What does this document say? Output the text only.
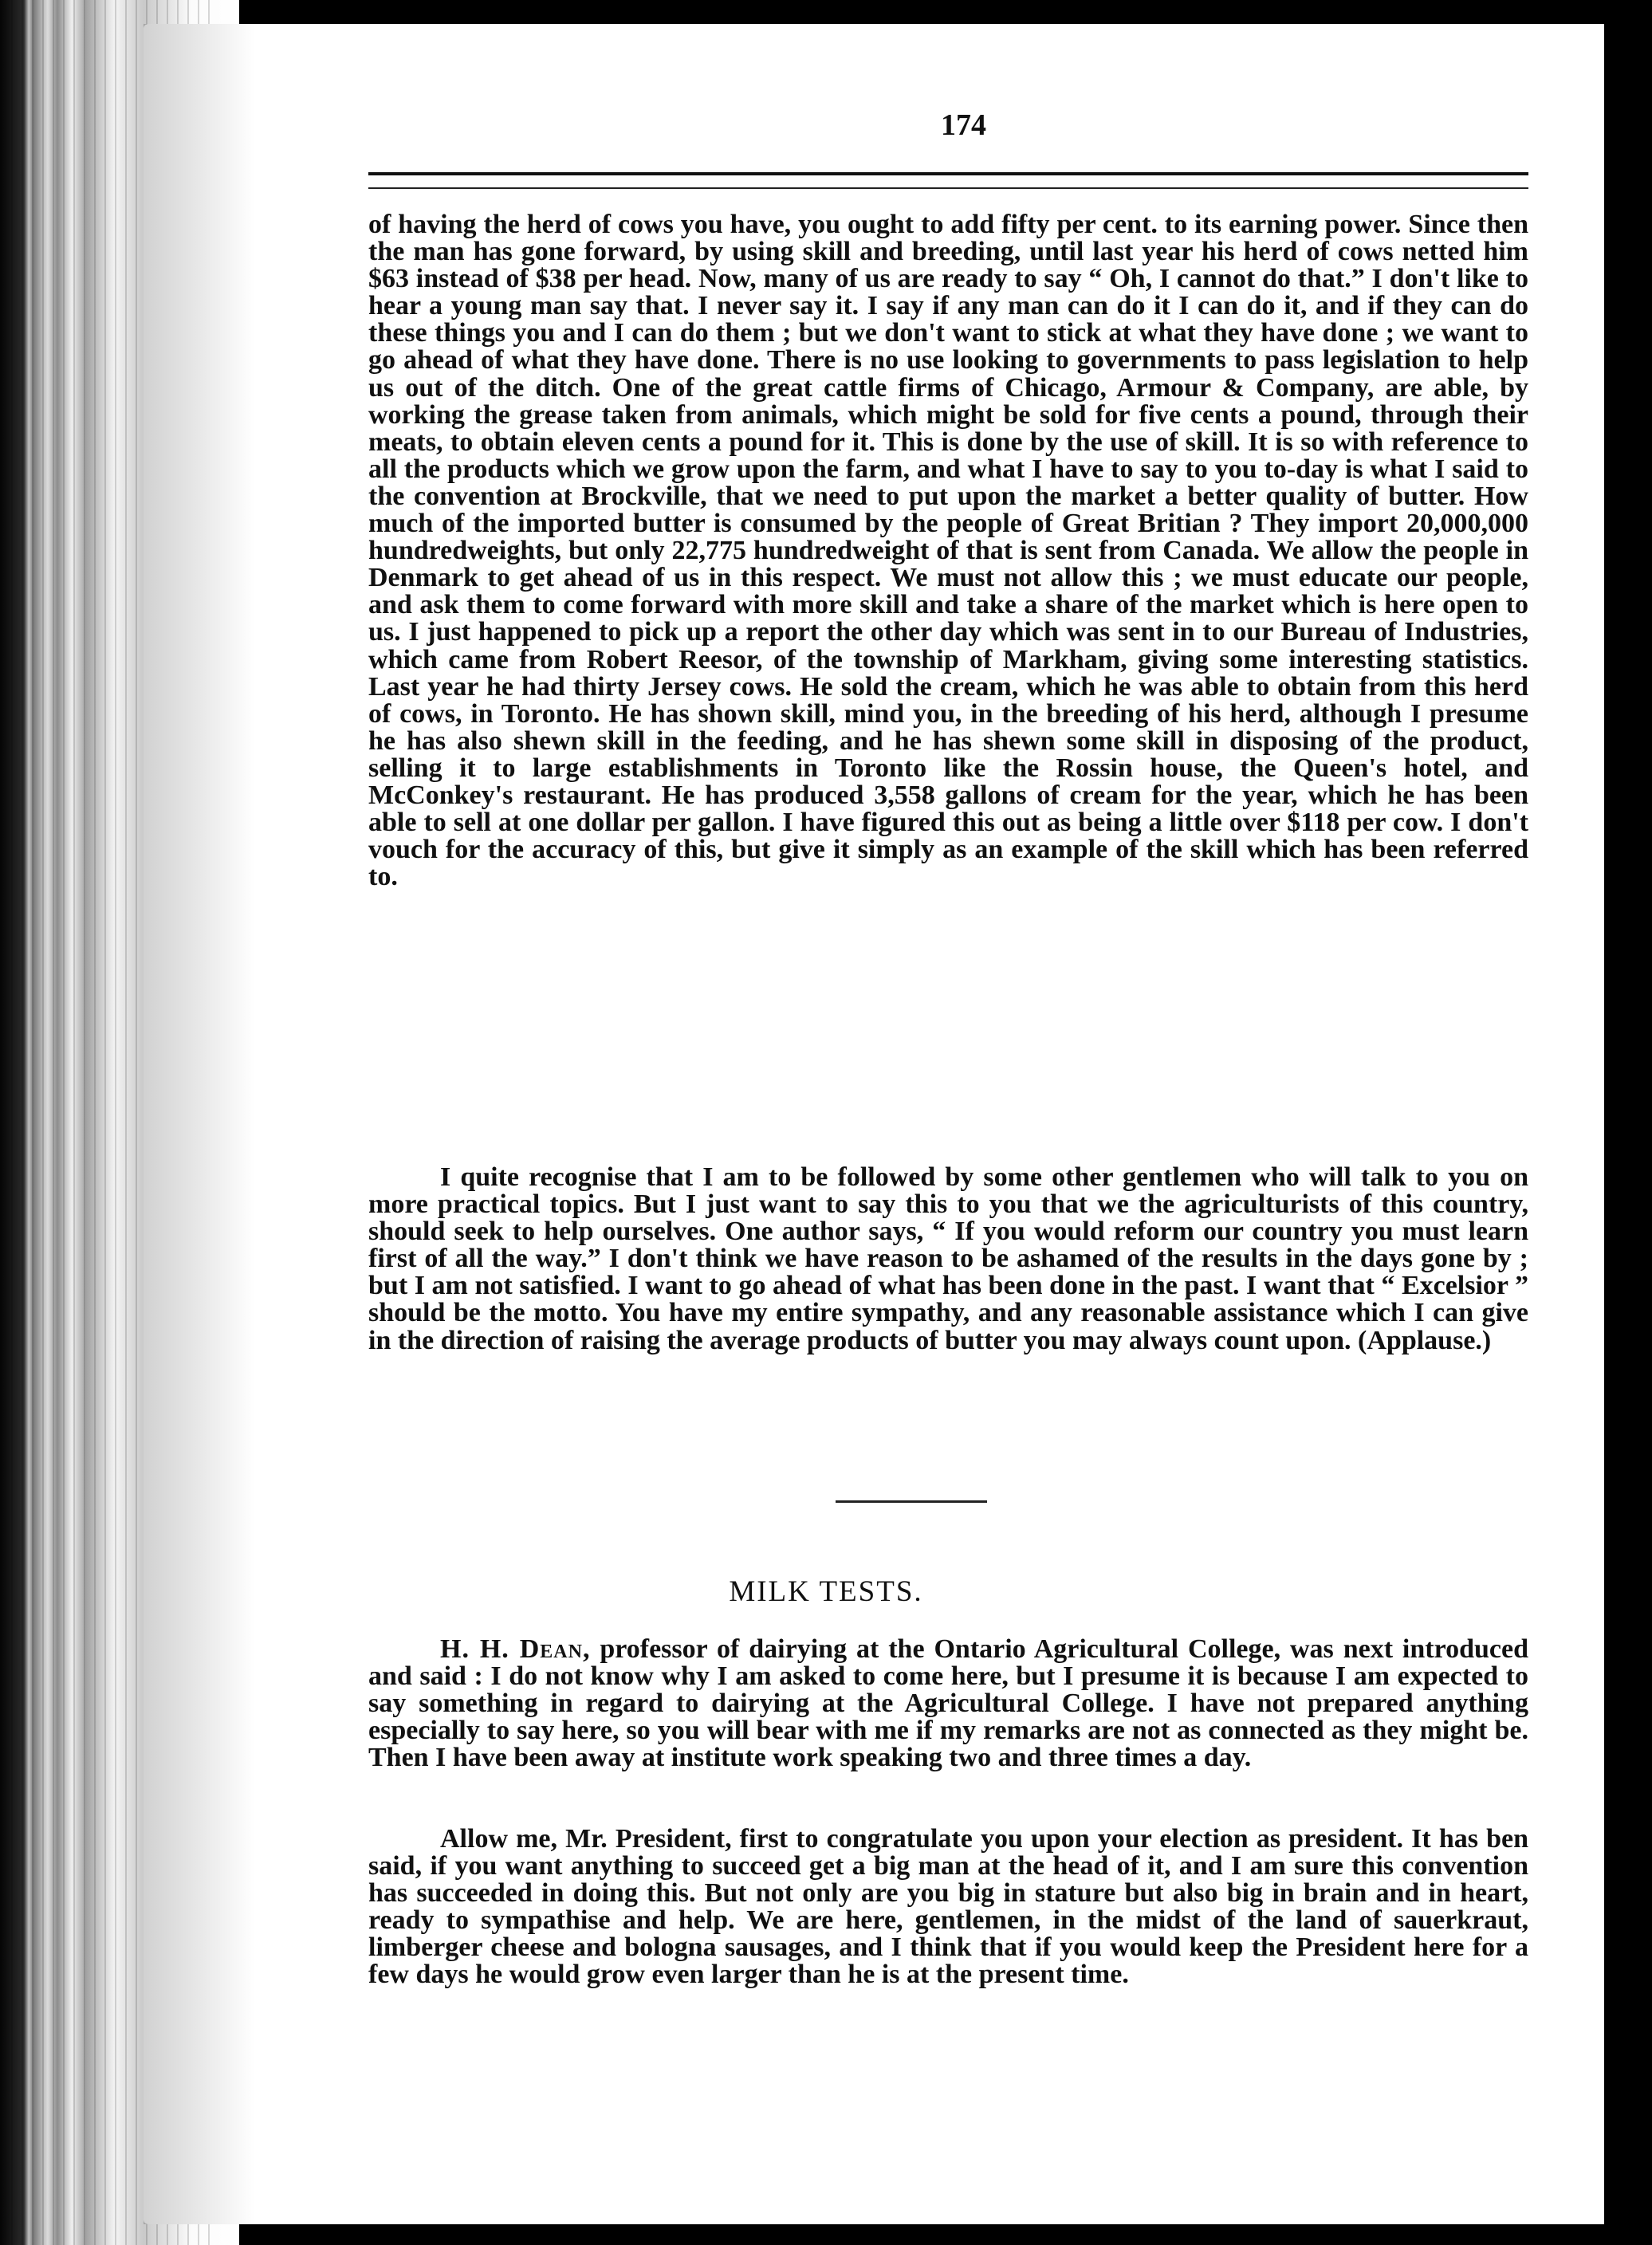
174

of having the herd of cows you have, you ought to add fifty per cent. to its earning power. Since then the man has gone forward, by using skill and breeding, until last year his herd of cows netted him $63 instead of $38 per head. Now, many of us are ready to say “ Oh, I cannot do that.” I don't like to hear a young man say that. I never say it. I say if any man can do it I can do it, and if they can do these things you and I can do them ; but we don't want to stick at what they have done ; we want to go ahead of what they have done. There is no use looking to governments to pass legislation to help us out of the ditch. One of the great cattle firms of Chicago, Armour & Company, are able, by working the grease taken from animals, which might be sold for five cents a pound, through their meats, to obtain eleven cents a pound for it. This is done by the use of skill. It is so with reference to all the products which we grow upon the farm, and what I have to say to you to-day is what I said to the convention at Brockville, that we need to put upon the market a better quality of butter. How much of the imported butter is consumed by the people of Great Britian ? They import 20,000,000 hundredweights, but only 22,775 hundredweight of that is sent from Canada. We allow the people in Denmark to get ahead of us in this respect. We must not allow this ; we must educate our people, and ask them to come forward with more skill and take a share of the market which is here open to us. I just happened to pick up a report the other day which was sent in to our Bureau of Industries, which came from Robert Reesor, of the township of Markham, giving some interesting statistics. Last year he had thirty Jersey cows. He sold the cream, which he was able to obtain from this herd of cows, in Toronto. He has shown skill, mind you, in the breeding of his herd, although I presume he has also shewn skill in the feeding, and he has shewn some skill in disposing of the product, selling it to large establishments in Toronto like the Rossin house, the Queen's hotel, and McConkey's restaurant. He has produced 3,558 gallons of cream for the year, which he has been able to sell at one dollar per gallon. I have figured this out as being a little over $118 per cow. I don't vouch for the accuracy of this, but give it simply as an example of the skill which has been referred to.

I quite recognise that I am to be followed by some other gentlemen who will talk to you on more practical topics. But I just want to say this to you that we the agriculturists of this country, should seek to help ourselves. One author says, “ If you would reform our country you must learn first of all the way.” I don't think we have reason to be ashamed of the results in the days gone by ; but I am not satisfied. I want to go ahead of what has been done in the past. I want that “ Excelsior ” should be the motto. You have my entire sympathy, and any reasonable assistance which I can give in the direction of raising the average products of butter you may always count upon. (Applause.)

MILK TESTS.

H. H. Dean, professor of dairying at the Ontario Agricultural College, was next introduced and said : I do not know why I am asked to come here, but I presume it is because I am expected to say something in regard to dairying at the Agricultural College. I have not prepared anything especially to say here, so you will bear with me if my remarks are not as connected as they might be. Then I have been away at institute work speaking two and three times a day.

Allow me, Mr. President, first to congratulate you upon your election as president. It has ben said, if you want anything to succeed get a big man at the head of it, and I am sure this convention has succeeded in doing this. But not only are you big in stature but also big in brain and in heart, ready to sympathise and help. We are here, gentlemen, in the midst of the land of sauerkraut, limberger cheese and bologna sausages, and I think that if you would keep the President here for a few days he would grow even larger than he is at the present time.
